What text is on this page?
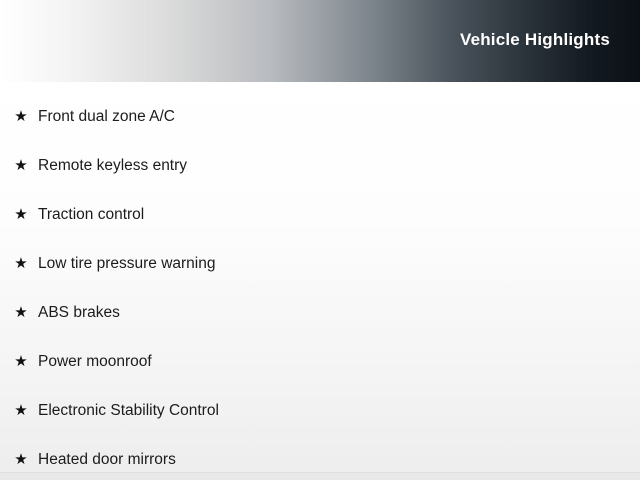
Vehicle Highlights
★ Front dual zone A/C
★ Remote keyless entry
★ Traction control
★ Low tire pressure warning
★ ABS brakes
★ Power moonroof
★ Electronic Stability Control
★ Heated door mirrors
